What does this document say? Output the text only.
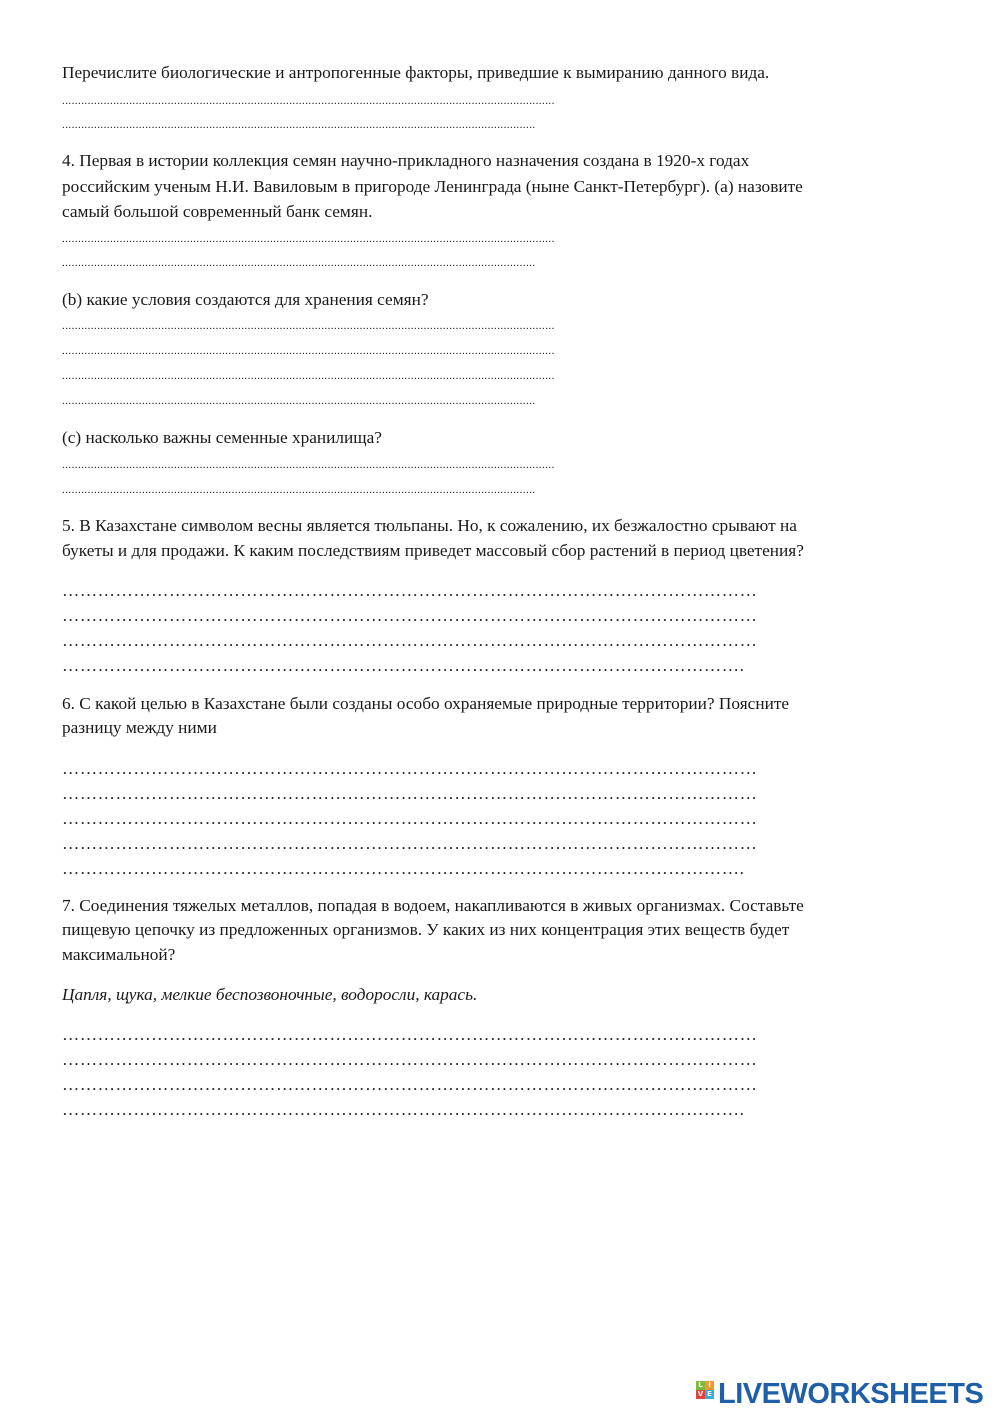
Перечислите биологические и антропогенные факторы, приведшие к вымиранию данного вида.
..........................................................................................................................................................
....................................................................................................................................................
4. Первая в истории коллекция семян научно-прикладного назначения создана в 1920-х годах
российским ученым Н.И. Вавиловым в пригороде Ленинграда (ныне Санкт-Петербург). (a) назовите
самый большой современный банк семян.
..........................................................................................................................................................
....................................................................................................................................................
(b) какие условия создаются для хранения семян?
..........................................................................................................................................................
..........................................................................................................................................................
..........................................................................................................................................................
....................................................................................................................................................
(c) насколько важны семенные хранилища?
..........................................................................................................................................................
....................................................................................................................................................
5. В Казахстане символом весны является тюльпаны. Но, к сожалению, их безжалостно срывают на
букеты и для продажи. К каким последствиям приведет массовый сбор растений в период цветения?
………………………………………………………………………………………………………
………………………………………………………………………………………………………
………………………………………………………………………………………………………
…………………………………………………………………………………………………….
6. С какой целью в Казахстане были созданы особо охраняемые природные территории? Поясните
разницу между ними
………………………………………………………………………………………………………
………………………………………………………………………………………………………
………………………………………………………………………………………………………
………………………………………………………………………………………………………
…………………………………………………………………………………………………….
7. Соединения тяжелых металлов, попадая в водоем, накапливаются в живых организмах. Составьте
пищевую цепочку из предложенных организмов. У каких из них концентрация этих веществ будет
максимальной?
Цапля, щука, мелкие беспозвоночные, водоросли, карась.
………………………………………………………………………………………………………
………………………………………………………………………………………………………
………………………………………………………………………………………………………
…………………………………………………………………………………………………….
L I
V E LIVEWORKSHEETS
